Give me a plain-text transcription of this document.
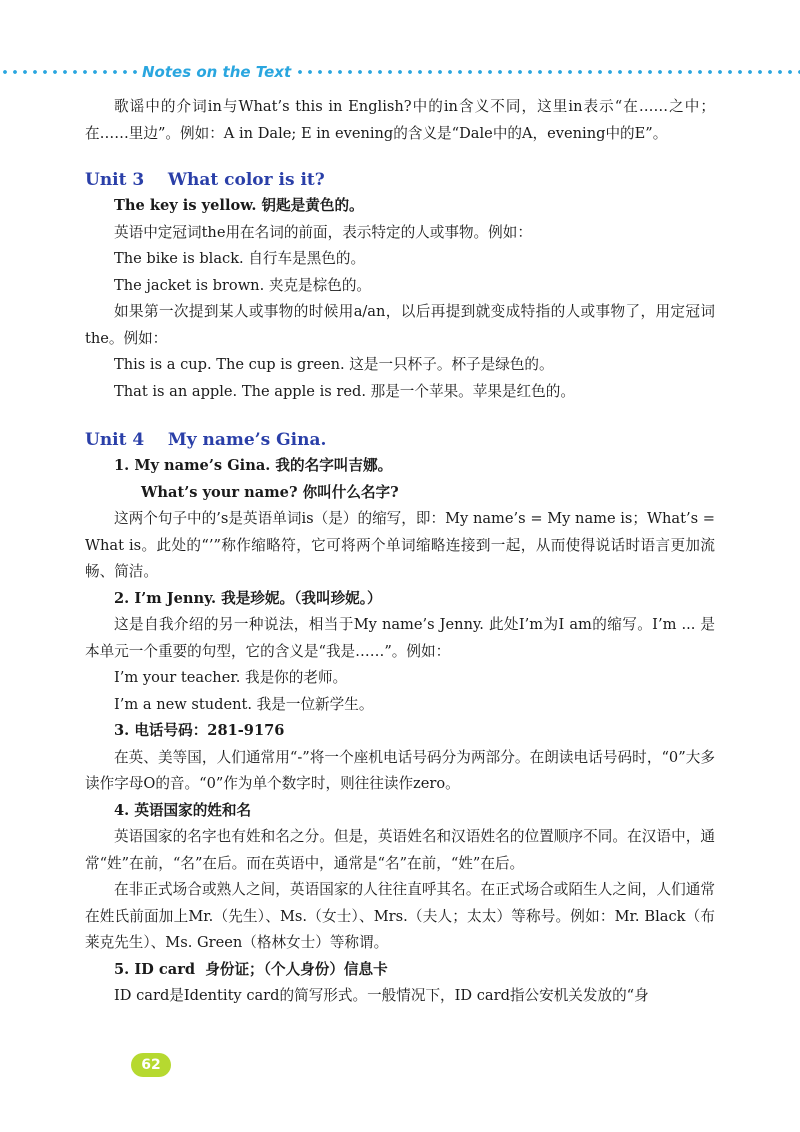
Notes on the Text

歌谣中的介词in与What’s this in English?中的in含义不同，这里in表示“在……之中；在……里边”。例如：A in Dale; E in evening的含义是“Dale中的A，evening中的E”。

Unit 3    What color is it?

The key is yellow. 钥匙是黄色的。

英语中定冠词the用在名词的前面，表示特定的人或事物。例如：

The bike is black. 自行车是黑色的。

The jacket is brown. 夹克是棕色的。

如果第一次提到某人或事物的时候用a/an，以后再提到就变成特指的人或事物了，用定冠词the。例如：

This is a cup. The cup is green. 这是一只杯子。杯子是绿色的。

That is an apple. The apple is red. 那是一个苹果。苹果是红色的。

Unit 4    My name’s Gina.

1. My name’s Gina. 我的名字叫吉娜。

What’s your name? 你叫什么名字?

这两个句子中的’s是英语单词is（是）的缩写，即：My name’s = My name is；What’s = What is。此处的“’”称作缩略符，它可将两个单词缩略连接到一起，从而使得说话时语言更加流畅、简洁。

2. I’m Jenny. 我是珍妮。（我叫珍妮。）

这是自我介绍的另一种说法，相当于My name’s Jenny. 此处I’m为I am的缩写。I’m ... 是本单元一个重要的句型，它的含义是“我是……”。例如：

I’m your teacher. 我是你的老师。

I’m a new student. 我是一位新学生。

3. 电话号码：281-9176

在英、美等国，人们通常用“-”将一个座机电话号码分为两部分。在朗读电话号码时，“0”大多读作字母O的音。“0”作为单个数字时，则往往读作zero。

4. 英语国家的姓和名

英语国家的名字也有姓和名之分。但是，英语姓名和汉语姓名的位置顺序不同。在汉语中，通常“姓”在前，“名”在后。而在英语中，通常是“名”在前，“姓”在后。

在非正式场合或熟人之间，英语国家的人往往直呼其名。在正式场合或陌生人之间，人们通常在姓氏前面加上Mr.（先生）、Ms.（女士）、Mrs.（夫人；太太）等称号。例如：Mr. Black（布莱克先生）、Ms. Green（格林女士）等称谓。

5. ID card  身份证；（个人身份）信息卡

ID card是Identity card的简写形式。一般情况下，ID card指公安机关发放的“身

62
